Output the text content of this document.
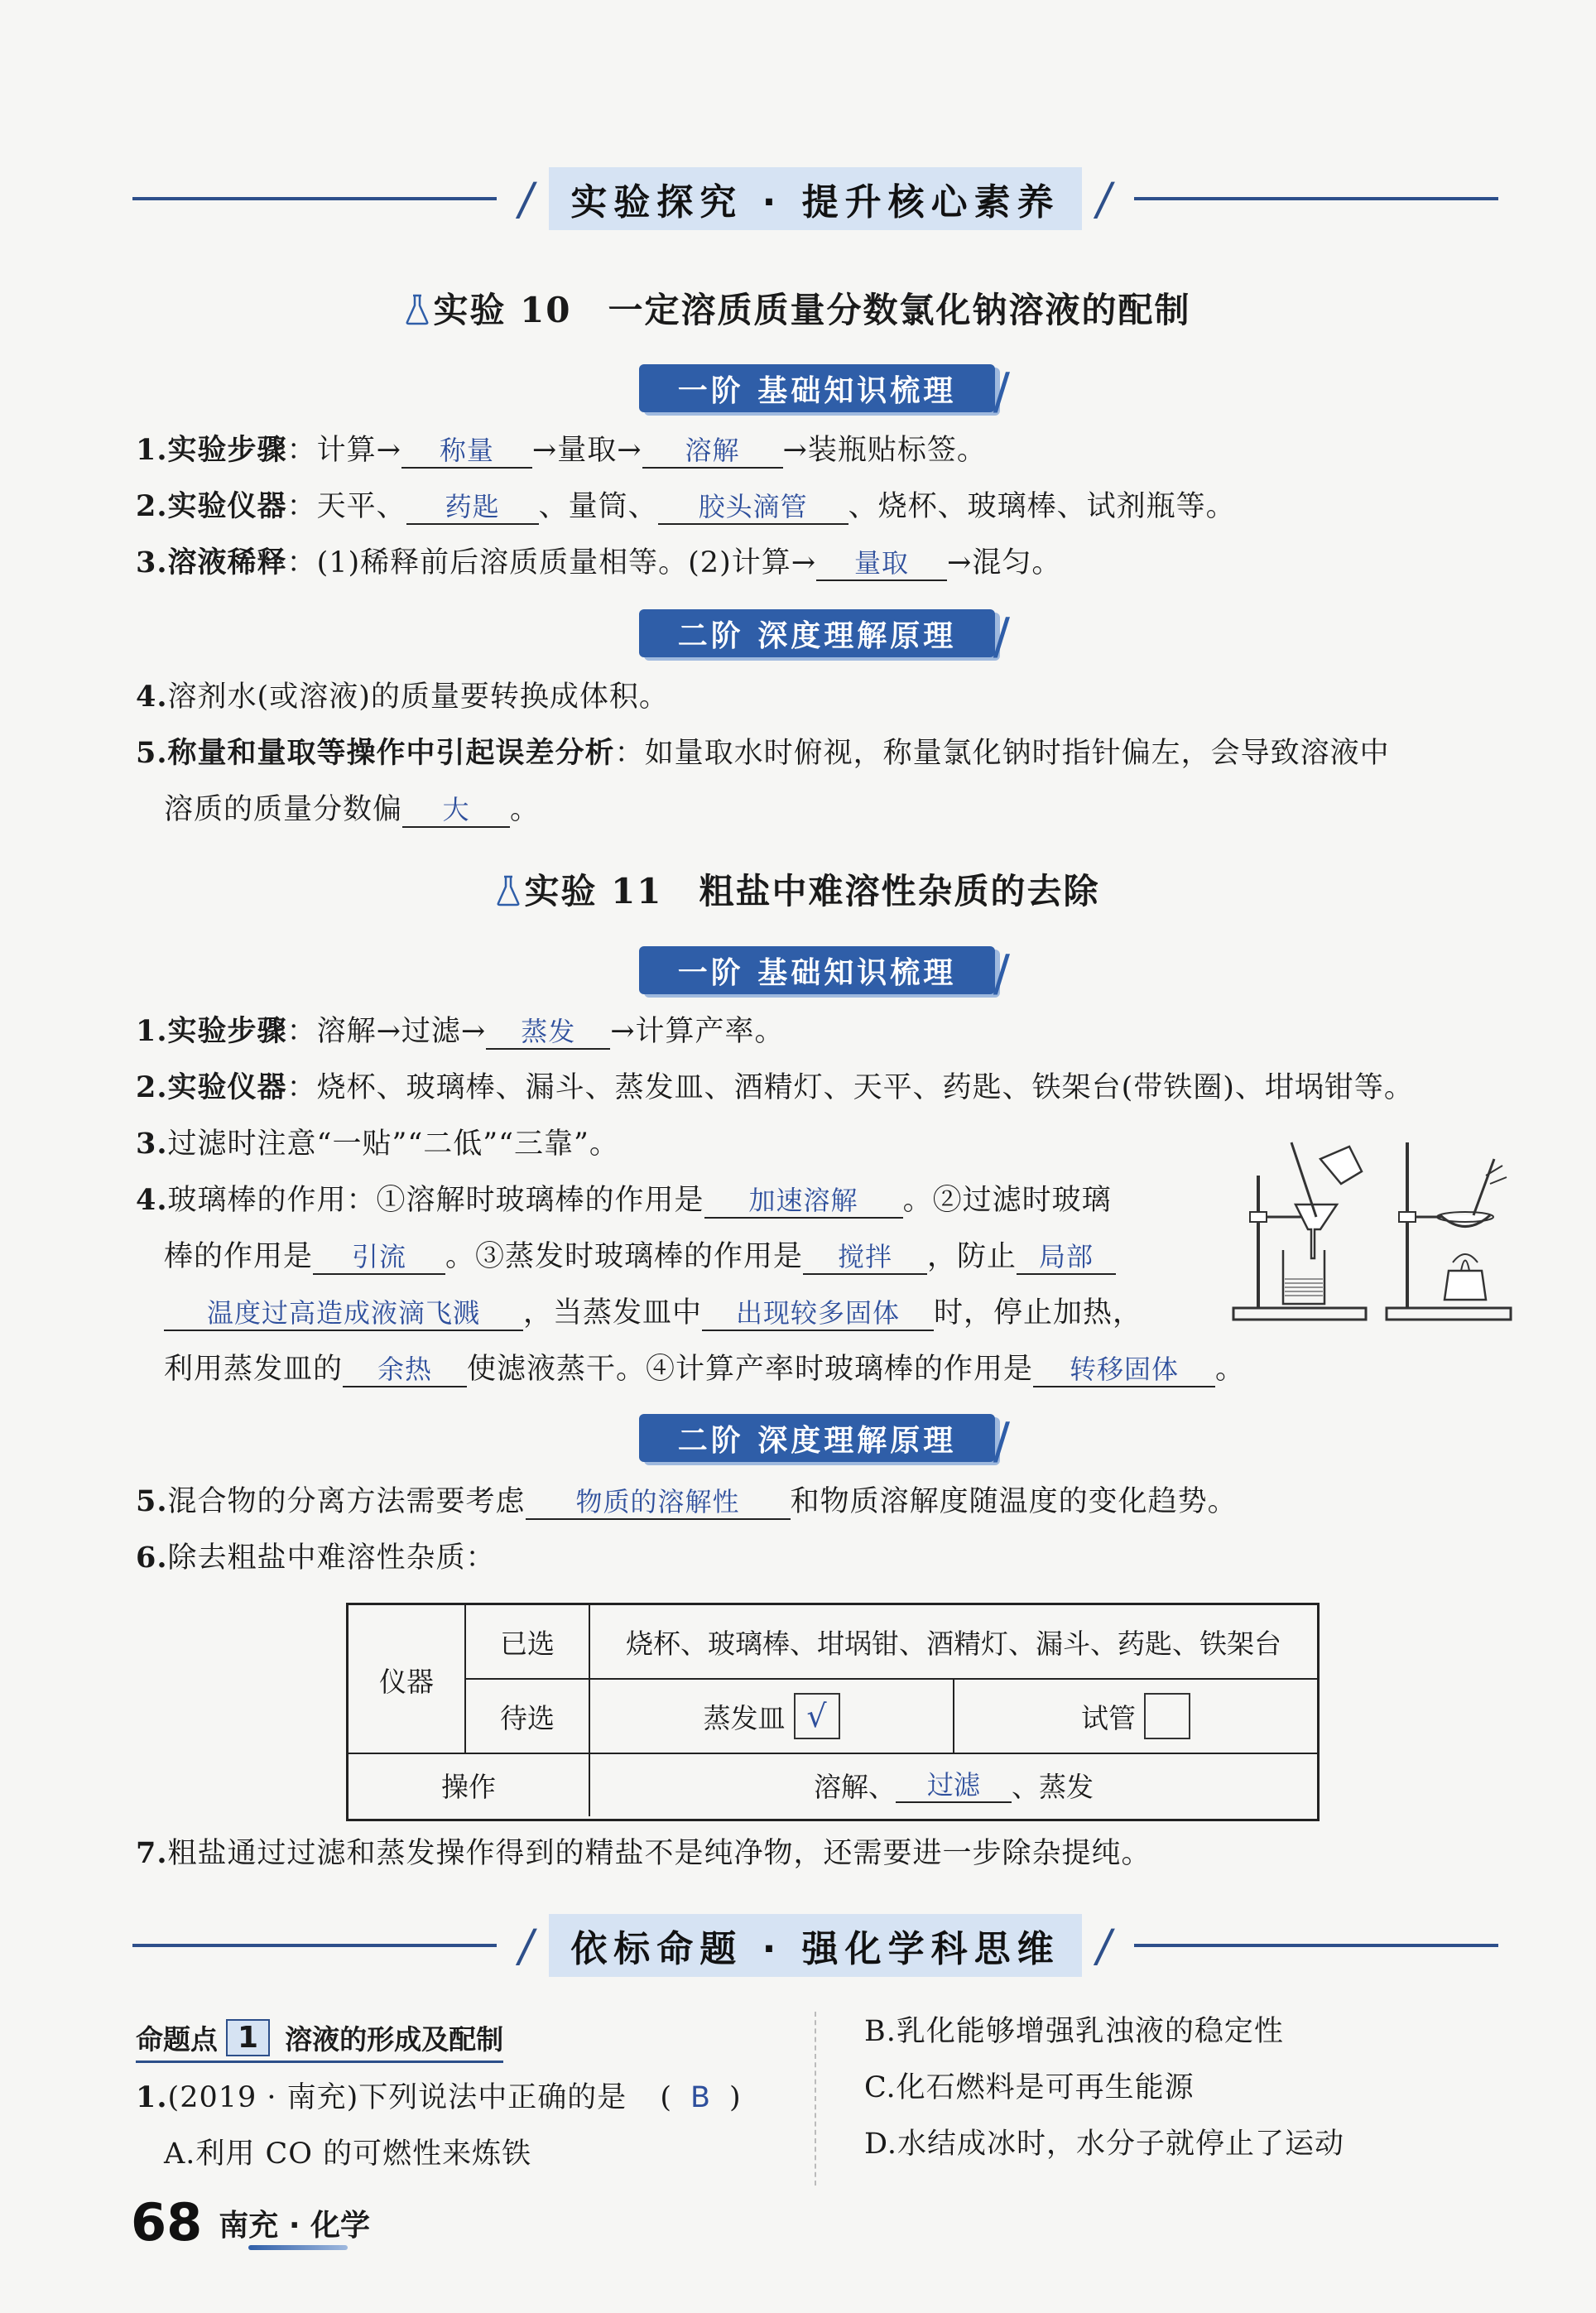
/ 实验探究 · 提升核心素养 /
实验 10　一定溶质质量分数氯化钠溶液的配制
一阶 基础知识梳理 /
1.实验步骤：计算→ 称量 →量取→ 溶解 →装瓶贴标签。
2.实验仪器：天平、 药匙 、量筒、 胶头滴管 、烧杯、玻璃棒、试剂瓶等。
3.溶液稀释：(1)稀释前后溶质质量相等。(2)计算→ 量取 →混匀。
二阶 深度理解原理 /
4.溶剂水(或溶液)的质量要转换成体积。
5.称量和量取等操作中引起误差分析：如量取水时俯视，称量氯化钠时指针偏左，会导致溶液中
溶质的质量分数偏 大 。
实验 11　粗盐中难溶性杂质的去除
一阶 基础知识梳理 /
1.实验步骤：溶解→过滤→ 蒸发 →计算产率。
2.实验仪器：烧杯、玻璃棒、漏斗、蒸发皿、酒精灯、天平、药匙、铁架台(带铁圈)、坩埚钳等。
3.过滤时注意“一贴”“二低”“三靠”。
4.玻璃棒的作用：①溶解时玻璃棒的作用是 加速溶解 。②过滤时玻璃
棒的作用是 引流 。③蒸发时玻璃棒的作用是 搅拌 ，防止 局部
温度过高造成液滴飞溅 ，当蒸发皿中 出现较多固体 时，停止加热，
利用蒸发皿的 余热 使滤液蒸干。④计算产率时玻璃棒的作用是 转移固体 。
二阶 深度理解原理 /
5.混合物的分离方法需要考虑 物质的溶解性 和物质溶解度随温度的变化趋势。
6.除去粗盐中难溶性杂质：
仪器
已选	烧杯、玻璃棒、坩埚钳、酒精灯、漏斗、药匙、铁架台
待选	蒸发皿 √	试管
操作	溶解、	过滤	、蒸发
7.粗盐通过过滤和蒸发操作得到的精盐不是纯净物，还需要进一步除杂提纯。
/ 依标命题 · 强化学科思维 /
命题点 1 溶液的形成及配制
1.(2019 · 南充)下列说法中正确的是 ( B )
A.利用 CO 的可燃性来炼铁
B.乳化能够增强乳浊液的稳定性
C.化石燃料是可再生能源
D.水结成冰时，水分子就停止了运动
68 南充 · 化学
